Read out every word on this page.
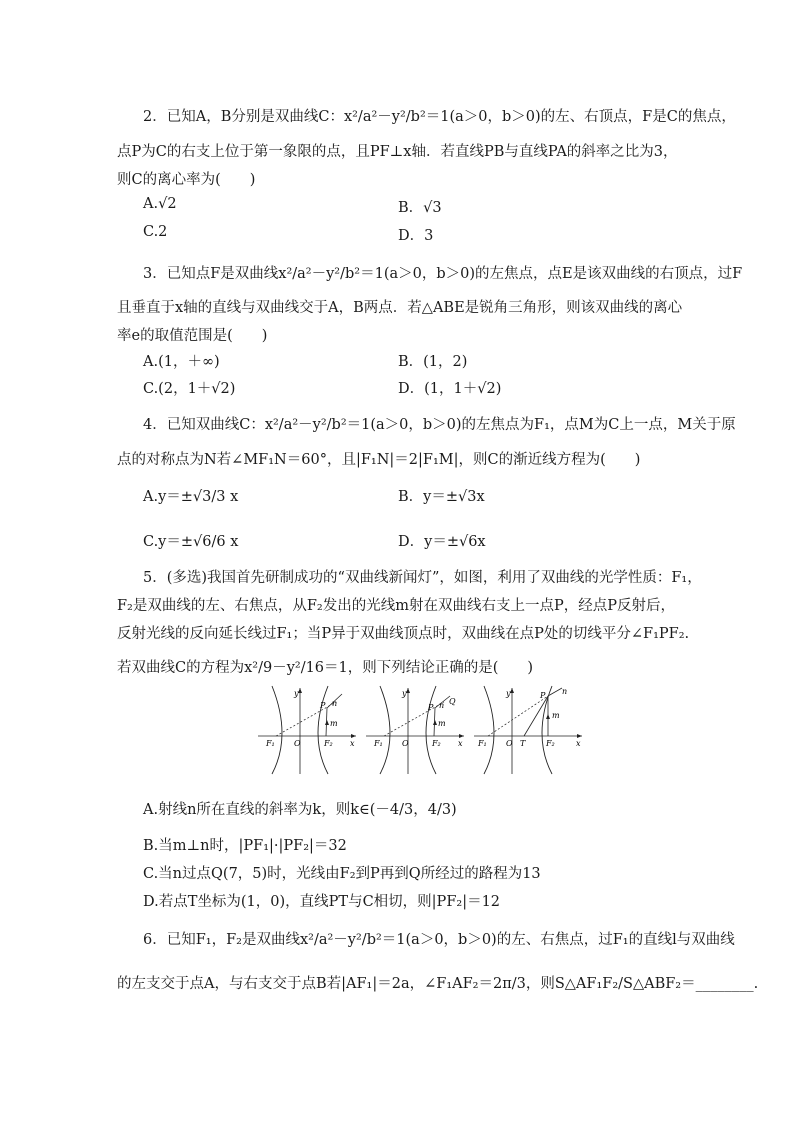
2．已知A，B分别是双曲线C：x²/a²－y²/b²＝1(a＞0，b＞0)的左、右顶点，F是C的焦点，
点P为C的右支上位于第一象限的点，且PF⊥x轴．若直线PB与直线PA的斜率之比为3，
则C的离心率为(　　)
A.√2	B．√3
C.2	D．3
3．已知点F是双曲线x²/a²－y²/b²＝1(a＞0，b＞0)的左焦点，点E是该双曲线的右顶点，过F
且垂直于x轴的直线与双曲线交于A，B两点．若△ABE是锐角三角形，则该双曲线的离心
率e的取值范围是(　　)
A.(1，＋∞)	B．(1，2)
C.(2，1＋√2)	D．(1，1＋√2)
4．已知双曲线C：x²/a²－y²/b²＝1(a＞0，b＞0)的左焦点为F₁，点M为C上一点，M关于原
点的对称点为N若∠MF₁N＝60°，且|F₁N|＝2|F₁M|，则C的渐近线方程为(　　)
A.y＝±√3/3 x	B．y＝±√3x
C.y＝±√6/6 x	D．y＝±√6x
5．(多选)我国首先研制成功的“双曲线新闻灯”，如图，利用了双曲线的光学性质：F₁，
F₂是双曲线的左、右焦点，从F₂发出的光线m射在双曲线右支上一点P，经点P反射后，
反射光线的反向延长线过F₁；当P异于双曲线顶点时，双曲线在点P处的切线平分∠F₁PF₂.
若双曲线C的方程为x²/9－y²/16＝1，则下列结论正确的是(　　)
y
x
O
F₁	F₂
P n
m
y
x
O
F₁	F₂
P n Q
m
y
x
O T
F₁	F₂
P n
m
A.射线n所在直线的斜率为k，则k∈(－4/3，4/3)
B.当m⊥n时，|PF₁|·|PF₂|＝32
C.当n过点Q(7，5)时，光线由F₂到P再到Q所经过的路程为13
D.若点T坐标为(1，0)，直线PT与C相切，则|PF₂|＝12
6．已知F₁，F₂是双曲线x²/a²－y²/b²＝1(a＞0，b＞0)的左、右焦点，过F₁的直线l与双曲线
的左支交于点A，与右支交于点B若|AF₁|＝2a，∠F₁AF₂＝2π/3，则S△AF₁F₂/S△ABF₂＝________.
